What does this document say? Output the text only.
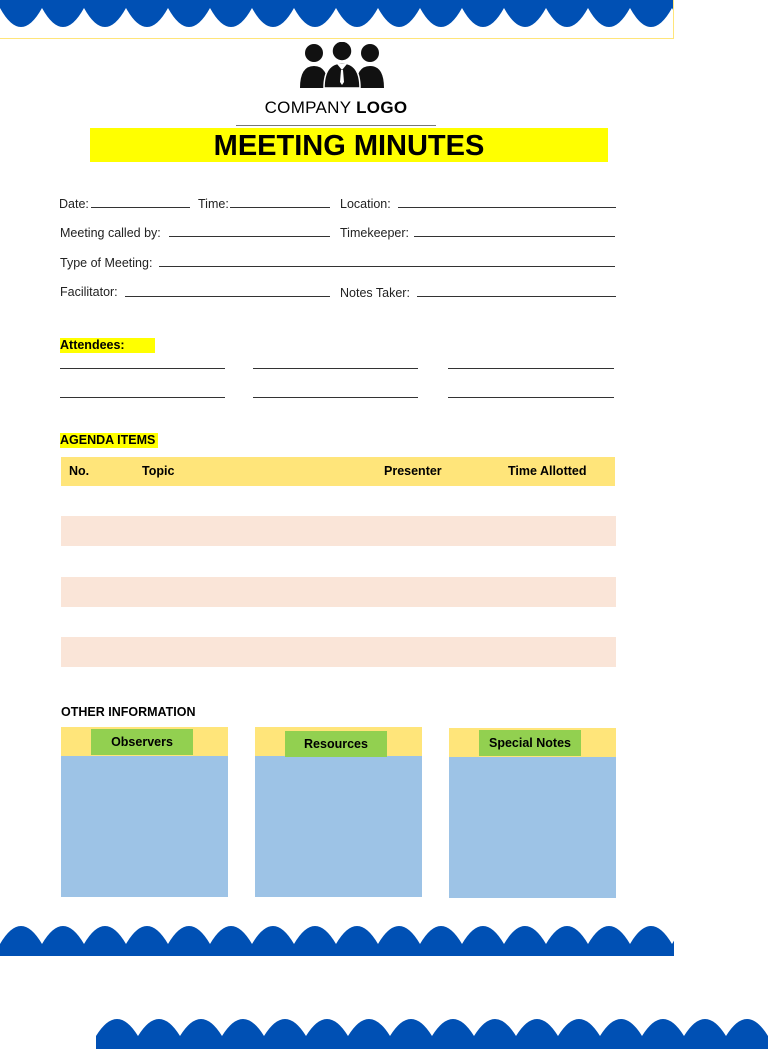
COMPANY LOGO
MEETING MINUTES
Date:	Time:	Location:
Meeting called by:	Timekeeper:
Type of Meeting:
Facilitator:	Notes Taker:
Attendees:
AGENDA ITEMS
No.	Topic	Presenter	Time Allotted
OTHER INFORMATION
Observers	Resources	Special Notes
